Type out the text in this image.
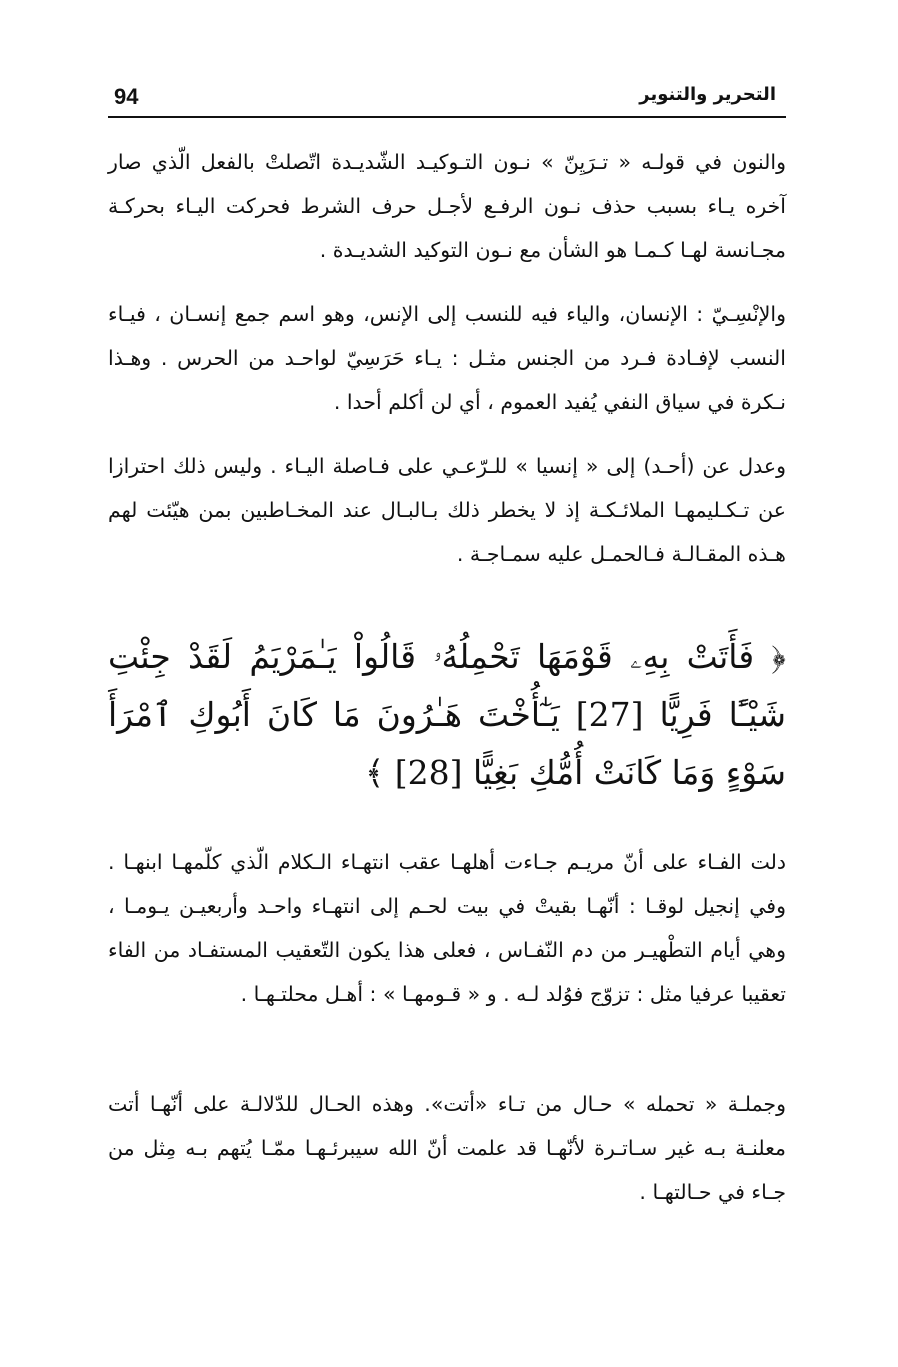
94	التحرير والتنوير

والنون في قولـه « تـرَيِنّ » نـون التـوكيـد الشّديـدة اتّصلتْ بالفعل الّذي صار آخره يـاء بسبب حذف نـون الرفـع لأجـل حرف الشرط فحركت اليـاء بحركـة مجـانسة لهـا كـمـا هو الشأن مع نـون التوكيد الشديـدة .

والإنْسِـيّ : الإنسان، والياء فيه للنسب إلى الإنس، وهو اسم جمع إنسـان ، فيـاء النسب لإفـادة فـرد من الجنس مثـل : يـاء حَرَسِيّ لواحـد من الحرس . وهـذا نـكرة في سياق النفي يُفيد العموم ، أي لن أكلم أحدا .

وعدل عن (أحـد) إلى « إنسيا » للـرّعـي على فـاصلة اليـاء . وليس ذلك احترازا عن تـكـليمهـا الملائـكـة إذ لا يخطر ذلك بـالبـال عند المخـاطبين بمن هيّئت لهم هـذه المقـالـة فـالحمـل عليه سمـاجـة .

﴿ فَأَتَتْ بِهِۦ قَوْمَهَا تَحْمِلُهُۥ قَالُواْ يَـٰمَرْيَمُ لَقَدْ جِئْتِ شَيْـًٔا فَرِيًّا [27] يَـٰٓأُخْتَ هَـٰرُونَ مَا كَانَ أَبُوكِ ٱمْرَأَ سَوْءٍ وَمَا كَانَتْ أُمُّكِ بَغِيًّا [28] ﴾

دلت الفـاء على أنّ مريـم جـاءت أهلهـا عقب انتهـاء الـكلام الّذي كلّمهـا ابنهـا . وفي إنجيل لوقـا : أنّهـا بقيتْ في بيت لحـم إلى انتهـاء واحـد وأربعيـن يـومـا ، وهي أيام التطْهيـر من دم النّفـاس ، فعلى هذا يكون التّعقيب المستفـاد من الفاء تعقيبا عرفيا مثل : تزوّج فوُلد لـه . و « قـومهـا » : أهـل محلتـهـا .

وجملـة « تحمله » حـال من تـاء «أتت». وهذه الحـال للدّلالـة على أنّهـا أتت معلنـة بـه غير سـاتـرة لأنّهـا قد علمت أنّ الله سيبرئـهـا ممّـا يُتهم بـه مِثل من جـاء في حـالتهـا .
